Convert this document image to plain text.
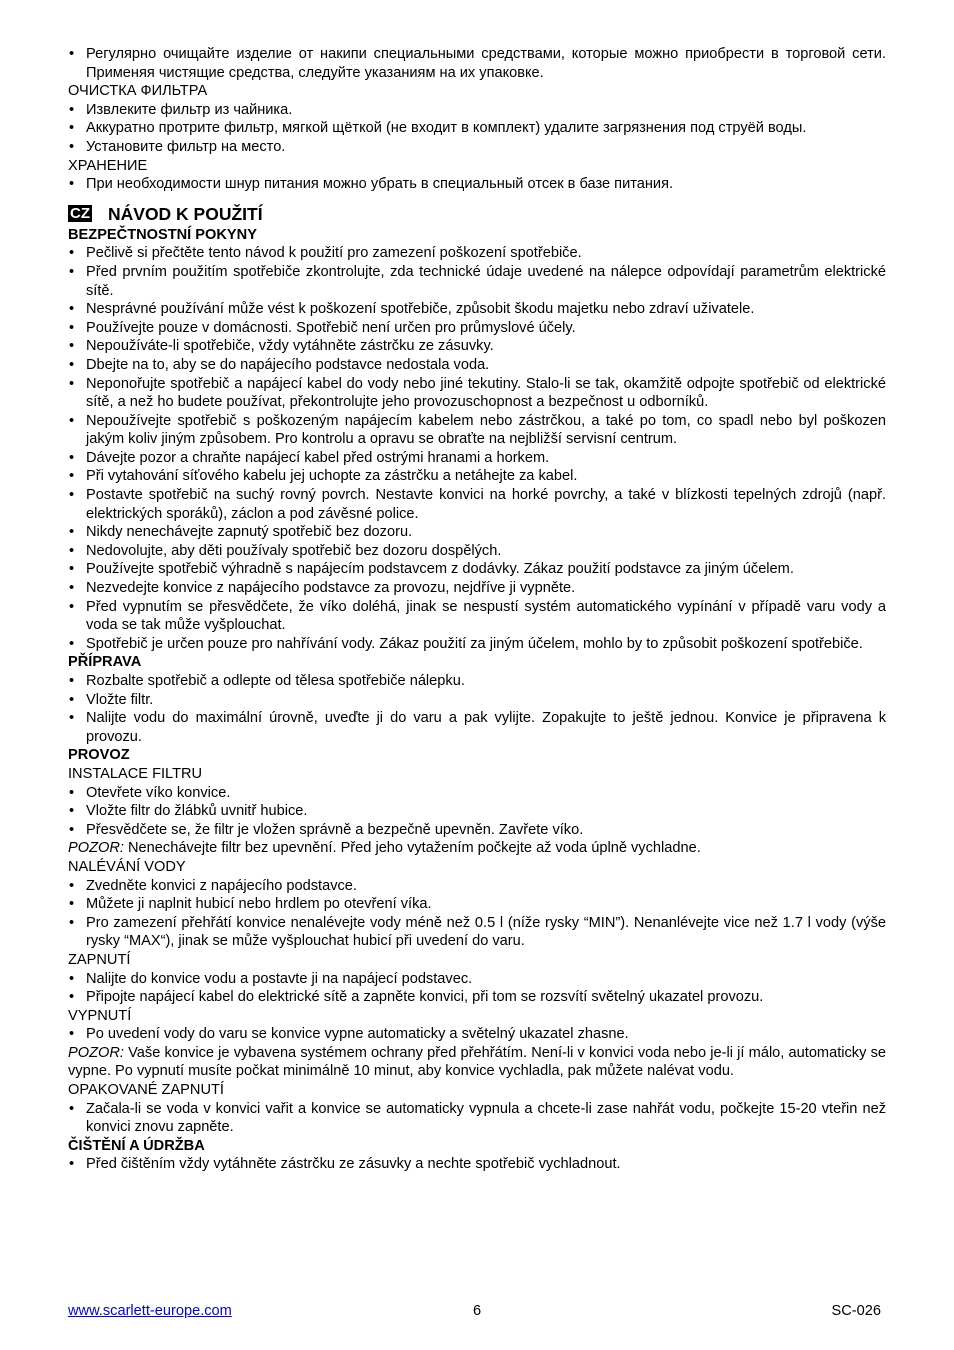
• Регулярно очищайте изделие от накипи специальными средствами, которые можно приобрести в торговой сети. Применяя чистящие средства, следуйте указаниям на их упаковке.

ОЧИСТКА ФИЛЬТРА

• Извлеките фильтр из чайника.

• Аккуратно протрите фильтр, мягкой щёткой (не входит в комплект) удалите загрязнения под струёй воды.

• Установите фильтр на место.

ХРАНЕНИЕ

• При необходимости шнур питания можно убрать в специальный отсек в базе питания.

CZ NÁVOD K POUŽITÍ

BEZPEČTNOSTNÍ POKYNY

• Pečlivě si přečtěte tento návod k použití pro zamezení poškození spotřebiče.

• Před prvním použitím spotřebiče zkontrolujte, zda technické údaje uvedené na nálepce odpovídají parametrům elektrické sítě.

• Nesprávné používání může vést k poškození spotřebiče, způsobit škodu majetku nebo zdraví uživatele.

• Používejte pouze v domácnosti. Spotřebič není určen pro průmyslové účely.

• Nepoužíváte-li spotřebiče, vždy vytáhněte zástrčku ze zásuvky.

• Dbejte na to, aby se do napájecího podstavce nedostala voda.

• Neponořujte spotřebič a napájecí kabel do vody nebo jiné tekutiny. Stalo-li se tak, okamžitě odpojte spotřebič od elektrické sítě, a než ho budete používat, překontrolujte jeho provozuschopnost a bezpečnost u odborníků.

• Nepoužívejte spotřebič s poškozeným napájecím kabelem nebo zástrčkou, a také po tom, co spadl nebo byl poškozen jakým koliv jiným způsobem. Pro kontrolu a opravu se obraťte na nejbližší servisní centrum.

• Dávejte pozor a chraňte napájecí kabel před ostrými hranami a horkem.

• Při vytahování síťového kabelu jej uchopte za zástrčku a netáhejte za kabel.

• Postavte spotřebič na suchý rovný povrch. Nestavte konvici na horké povrchy, a také v blízkosti tepelných zdrojů (např. elektrických sporáků), záclon a pod závěsné police.

• Nikdy nenechávejte zapnutý spotřebič bez dozoru.

• Nedovolujte, aby děti používaly spotřebič bez dozoru dospělých.

• Používejte spotřebič výhradně s napájecím podstavcem z dodávky. Zákaz použití podstavce za jiným účelem.

• Nezvedejte konvice z napájecího podstavce za provozu, nejdříve ji vypněte.

• Před vypnutím se přesvědčete, že víko doléhá, jinak se nespustí systém automatického vypínání v případě varu vody a voda se tak může vyšplouchat.

• Spotřebič je určen pouze pro nahřívání vody. Zákaz použití za jiným účelem, mohlo by to způsobit poškození spotřebiče.

PŘÍPRAVA

• Rozbalte spotřebič a odlepte od tělesa spotřebiče nálepku.

• Vložte filtr.

• Nalijte vodu do maximální úrovně, uveďte ji do varu a pak vylijte. Zopakujte to ještě jednou. Konvice je připravena k provozu.

PROVOZ

INSTALACE FILTRU

• Otevřete víko konvice.

• Vložte filtr do žlábků uvnitř hubice.

• Přesvědčete se, že filtr je vložen správně a bezpečně upevněn. Zavřete víko.

POZOR: Nenechávejte filtr bez upevnění. Před jeho vytažením počkejte až voda úplně vychladne.

NALÉVÁNÍ VODY

• Zvedněte konvici z napájecího podstavce.

• Můžete ji naplnit hubicí nebo hrdlem po otevření víka.

• Pro zamezení přehřátí konvice nenalévejte vody méně než 0.5 l (níže rysky “MIN”). Nenanlévejte vice než 1.7 l vody (výše rysky “MAX“), jinak se může vyšplouchat hubicí při uvedení do varu.

ZAPNUTÍ

• Nalijte do konvice vodu a postavte ji na napájecí podstavec.

• Připojte napájecí kabel do elektrické sítě a zapněte konvici, při tom se rozsvítí světelný ukazatel provozu.

VYPNUTÍ

• Po uvedení vody do varu se konvice vypne automaticky a světelný ukazatel zhasne.

POZOR: Vaše konvice je vybavena systémem ochrany před přehřátím. Není-li v konvici voda nebo je-li jí málo, automaticky se vypne. Po vypnutí musíte počkat minimálně 10 minut, aby konvice vychladla, pak můžete nalévat vodu.

OPAKOVANÉ ZAPNUTÍ

• Začala-li se voda v konvici vařit a konvice se automaticky vypnula a chcete-li zase nahřát vodu, počkejte 15-20 vteřin než konvici znovu zapněte.

ČIŠTĚNÍ A ÚDRŽBA

• Před čištěním vždy vytáhněte zástrčku ze zásuvky a nechte spotřebič vychladnout.

www.scarlett-europe.com	6	SC-026
